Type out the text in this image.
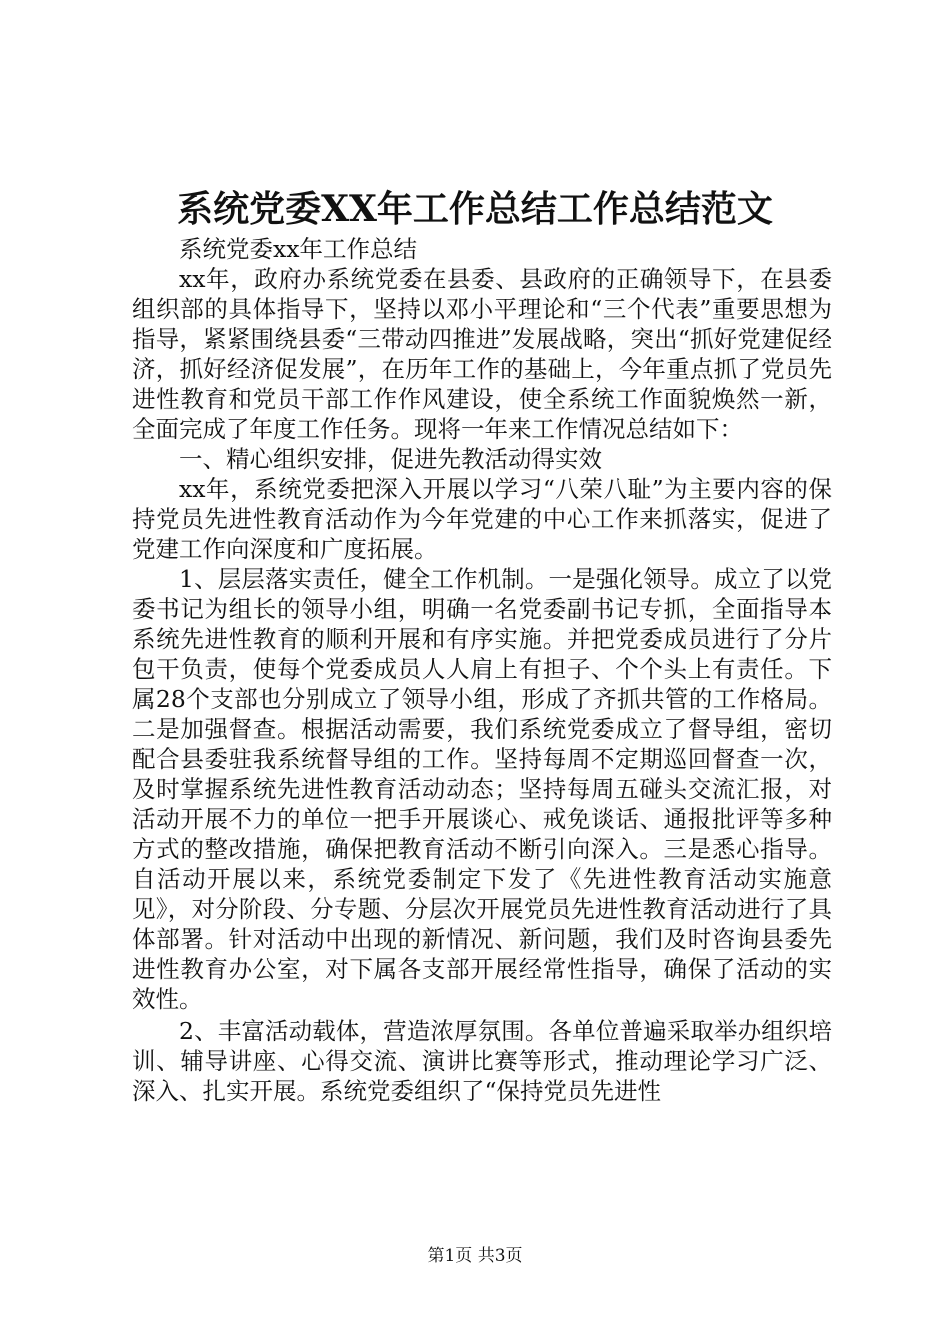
系统党委XX年工作总结工作总结范文

系统党委xx年工作总结

xx年，政府办系统党委在县委、县政府的正确领导下，在县委组织部的具体指导下，坚持以邓小平理论和“三个代表”重要思想为指导，紧紧围绕县委“三带动四推进”发展战略，突出“抓好党建促经济，抓好经济促发展”，在历年工作的基础上，今年重点抓了党员先进性教育和党员干部工作作风建设，使全系统工作面貌焕然一新，全面完成了年度工作任务。现将一年来工作情况总结如下：

一、精心组织安排，促进先教活动得实效

xx年，系统党委把深入开展以学习“八荣八耻”为主要内容的保持党员先进性教育活动作为今年党建的中心工作来抓落实，促进了党建工作向深度和广度拓展。

1、层层落实责任，健全工作机制。一是强化领导。成立了以党委书记为组长的领导小组，明确一名党委副书记专抓，全面指导本系统先进性教育的顺利开展和有序实施。并把党委成员进行了分片包干负责，使每个党委成员人人肩上有担子、个个头上有责任。下属28个支部也分别成立了领导小组，形成了齐抓共管的工作格局。二是加强督查。根据活动需要，我们系统党委成立了督导组，密切配合县委驻我系统督导组的工作。坚持每周不定期巡回督查一次，及时掌握系统先进性教育活动动态；坚持每周五碰头交流汇报，对活动开展不力的单位一把手开展谈心、戒免谈话、通报批评等多种方式的整改措施，确保把教育活动不断引向深入。三是悉心指导。自活动开展以来，系统党委制定下发了《先进性教育活动实施意见》，对分阶段、分专题、分层次开展党员先进性教育活动进行了具体部署。针对活动中出现的新情况、新问题，我们及时咨询县委先进性教育办公室，对下属各支部开展经常性指导，确保了活动的实效性。

2、丰富活动载体，营造浓厚氛围。各单位普遍采取举办组织培训、辅导讲座、心得交流、演讲比赛等形式，推动理论学习广泛、深入、扎实开展。系统党委组织了“保持党员先进性

第1页 共3页
